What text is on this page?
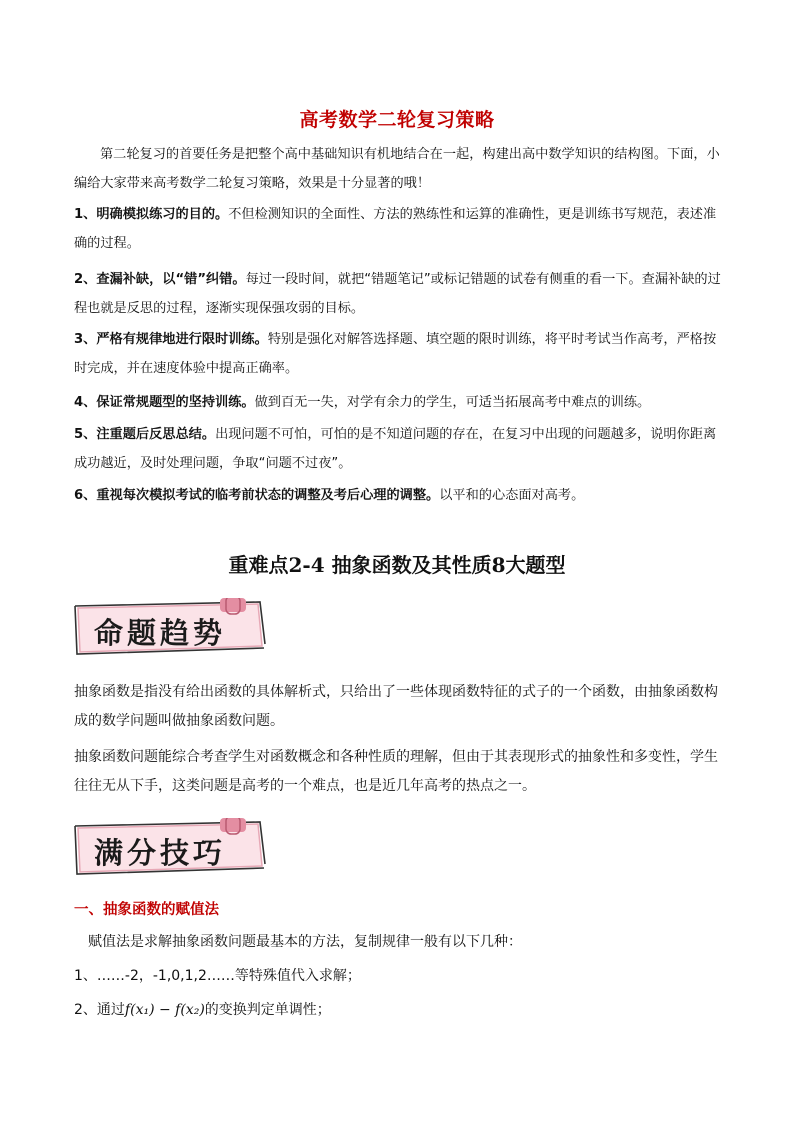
高考数学二轮复习策略

第二轮复习的首要任务是把整个高中基础知识有机地结合在一起，构建出高中数学知识的结构图。下面，小编给大家带来高考数学二轮复习策略，效果是十分显著的哦！

1、明确模拟练习的目的。不但检测知识的全面性、方法的熟练性和运算的准确性，更是训练书写规范，表述准确的过程。

2、查漏补缺，以“错”纠错。每过一段时间，就把“错题笔记”或标记错题的试卷有侧重的看一下。查漏补缺的过程也就是反思的过程，逐渐实现保强攻弱的目标。

3、严格有规律地进行限时训练。特别是强化对解答选择题、填空题的限时训练，将平时考试当作高考，严格按时完成，并在速度体验中提高正确率。

4、保证常规题型的坚持训练。做到百无一失，对学有余力的学生，可适当拓展高考中难点的训练。

5、注重题后反思总结。出现问题不可怕，可怕的是不知道问题的存在，在复习中出现的问题越多，说明你距离成功越近，及时处理问题，争取“问题不过夜”。

6、重视每次模拟考试的临考前状态的调整及考后心理的调整。以平和的心态面对高考。

重难点2-4 抽象函数及其性质8大题型
命题趋势

抽象函数是指没有给出函数的具体解析式，只给出了一些体现函数特征的式子的一个函数，由抽象函数构成的数学问题叫做抽象函数问题。

抽象函数问题能综合考查学生对函数概念和各种性质的理解，但由于其表现形式的抽象性和多变性，学生往往无从下手，这类问题是高考的一个难点，也是近几年高考的热点之一。

满分技巧
一、抽象函数的赋值法

赋值法是求解抽象函数问题最基本的方法，复制规律一般有以下几种：

1、……-2，-1,0,1,2……等特殊值代入求解；

2、通过f(x₁) − f(x₂)的变换判定单调性；
